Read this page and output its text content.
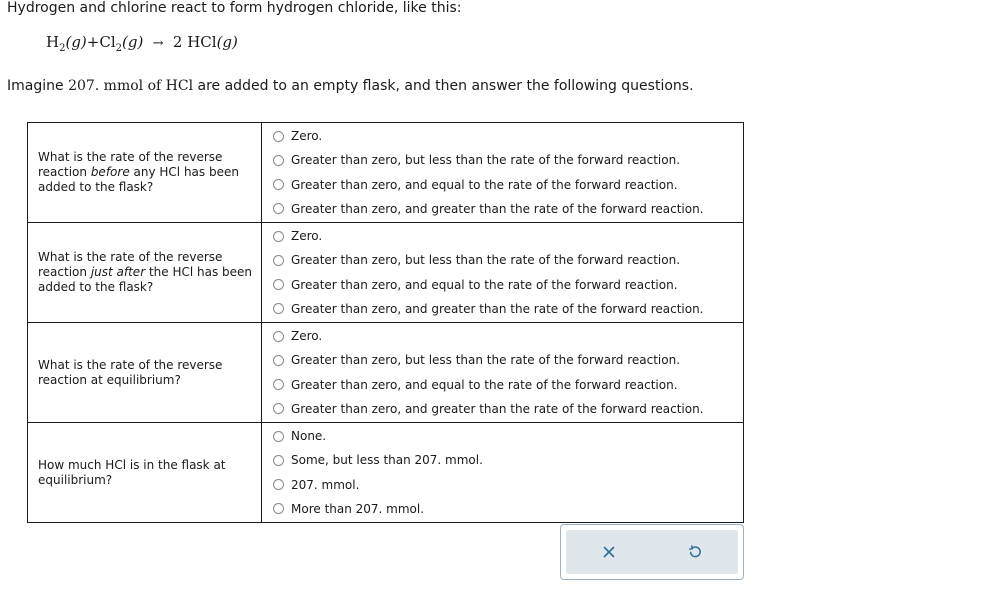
Hydrogen and chlorine react to form hydrogen chloride, like this:
$H_2(g)+Cl_2(g) \to 2$ HCl(g)
Imagine 207. mmol of HCl are added to an empty flask, and then answer the following questions.
What is the rate of the reverse reaction before any HCl has been added to the flask?	Zero.
Greater than zero, but less than the rate of the forward reaction.
Greater than zero, and equal to the rate of the forward reaction.
Greater than zero, and greater than the rate of the forward reaction.

What is the rate of the reverse reaction just after the HCl has been added to the flask?	Zero.
Greater than zero, but less than the rate of the forward reaction.
Greater than zero, and equal to the rate of the forward reaction.
Greater than zero, and greater than the rate of the forward reaction.

What is the rate of the reverse reaction at equilibrium?	Zero.
Greater than zero, but less than the rate of the forward reaction.
Greater than zero, and equal to the rate of the forward reaction.
Greater than zero, and greater than the rate of the forward reaction.

How much HCl is in the flask at equilibrium?	None.
Some, but less than 207. mmol.
207. mmol.
More than 207. mmol.
